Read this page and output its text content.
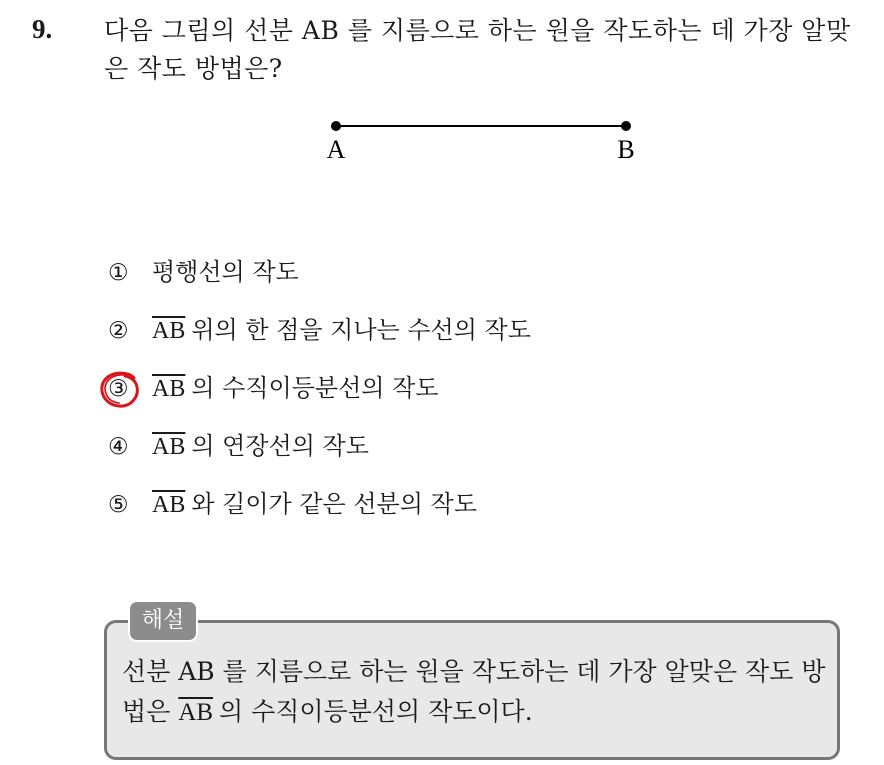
9. 다음 그림의 선분 AB 를 지름으로 하는 원을 작도하는 데 가장 알맞은 작도 방법은?
A	B
① 평행선의 작도
② $\overline{AB}$ 위의 한 점을 지나는 수선의 작도
③ $\overline{AB}$ 의 수직이등분선의 작도
④ $\overline{AB}$ 의 연장선의 작도
⑤ $\overline{AB}$ 와 길이가 같은 선분의 작도
해설
선분 AB 를 지름으로 하는 원을 작도하는 데 가장 알맞은 작도 방법은 $\overline{AB}$ 의 수직이등분선의 작도이다.
